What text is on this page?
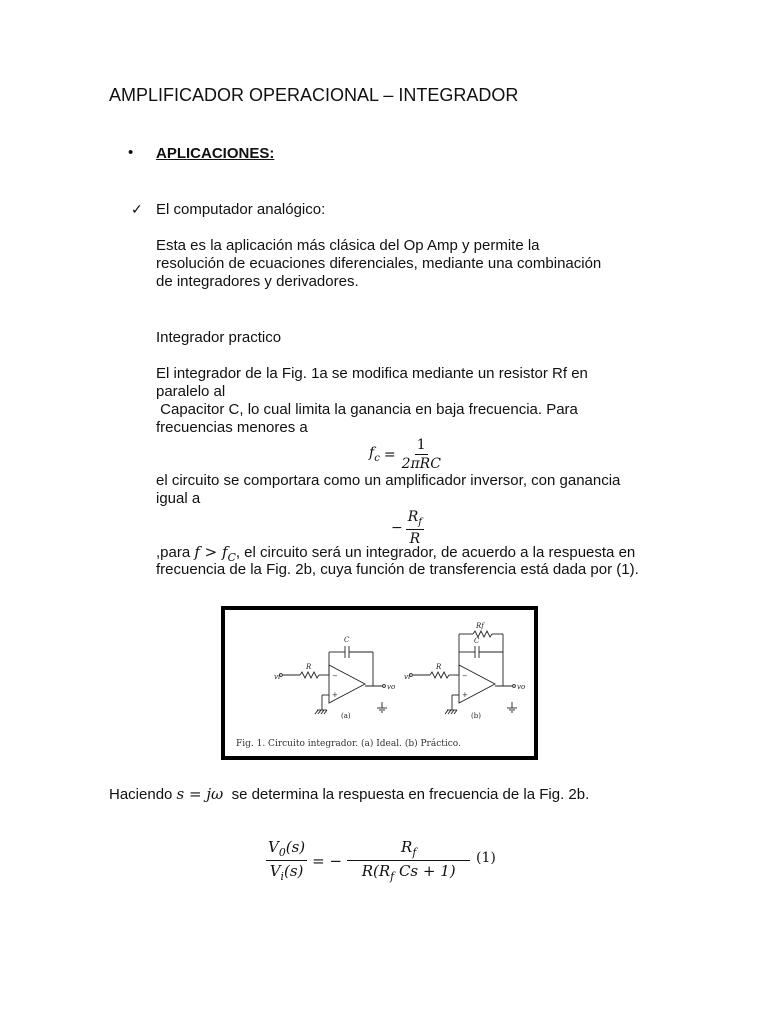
AMPLIFICADOR OPERACIONAL – INTEGRADOR
• APLICACIONES:
✓ El computador analógico:
Esta es la aplicación más clásica del Op Amp y permite la
resolución de ecuaciones diferenciales, mediante una combinación
de integradores y derivadores.
Integrador practico
El integrador de la Fig. 1a se modifica mediante un resistor Rf en
paralelo al
Capacitor C, lo cual limita la ganancia en baja frecuencia. Para
frecuencias menores a
$f_c = \frac{1}{\text{2πRC}}$
el circuito se comportara como un amplificador inversor, con ganancia
igual a
− $\frac{R_f}{R}$
,para $f > f_C$, el circuito será un integrador, de acuerdo a la respuesta en
frecuencia de la Fig. 2b, cuya función de transferencia está dada por (1).
R
C
vi
vo
−
+
(a)
R
C
Rf
vi
vo
−
+
(b)
Fig. 1. Circuito integrador. (a) Ideal. (b) Práctico.
Haciendo s = jω  se determina la respuesta en frecuencia de la Fig. 2b.
$\frac{V_0(s)}{V_i(s)}$ = − $\frac{R_f}{R(R_f Cs + 1)} (1)$
